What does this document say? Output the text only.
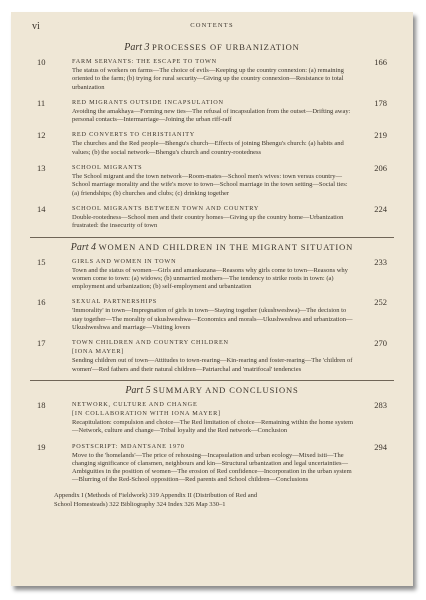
vi	CONTENTS
Part 3 PROCESSES OF URBANIZATION
10	166
FARM SERVANTS: THE ESCAPE TO TOWN
The status of workers on farms—The choice of evils—Keeping up the country connexion: (a) remaining oriented to the farm; (b) trying for rural security—Giving up the country connexion—Resistance to total urbanization
11	178
RED MIGRANTS OUTSIDE INCAPSULATION
Avoiding the amakhaya—Forming new ties—The refusal of incapsulation from the outset—Drifting away: personal contacts—Intermarriage—Joining the urban riff-raff
12	219
RED CONVERTS TO CHRISTIANITY
The churches and the Red people—Bhengu's church—Effects of joining Bhengu's church: (a) habits and values; (b) the social network—Bhengu's church and country-rootedness
13	206
SCHOOL MIGRANTS
The School migrant and the town network—Room-mates—School men's wives: town versus country—School marriage morality and the wife's move to town—School marriage in the town setting—Social ties: (a) friendships; (b) churches and clubs; (c) drinking together
14	224
SCHOOL MIGRANTS BETWEEN TOWN AND COUNTRY
Double-rootedness—School men and their country homes—Giving up the country home—Urbanization frustrated: the insecurity of town
Part 4 WOMEN AND CHILDREN IN THE MIGRANT SITUATION
15	233
GIRLS AND WOMEN IN TOWN
Town and the status of women—Girls and amankazana—Reasons why girls come to town—Reasons why women come to town: (a) widows; (b) unmarried mothers—The tendency to strike roots in town: (a) employment and urbanization; (b) self-employment and urbanization
16	252
SEXUAL PARTNERSHIPS
'Immorality' in town—Impregnation of girls in town—Staying together (ukushweshwa)—The decision to stay together—The morality of ukushweshwa—Economics and morals—Ukushweshwa and urbanization—Ukushweshwa and marriage—Visiting lovers
17	270
TOWN CHILDREN AND COUNTRY CHILDREN
[IONA MAYER]
Sending children out of town—Attitudes to town-rearing—Kin-rearing and foster-rearing—The 'children of women'—Red fathers and their natural children—Patriarchal and 'matrifocal' tendencies
Part 5 SUMMARY AND CONCLUSIONS
18	283
NETWORK, CULTURE AND CHANGE
[IN COLLABORATION WITH IONA MAYER]
Recapitulation: compulsion and choice—The Red limitation of choice—Remaining within the home system—Network, culture and change—Tribal loyalty and the Red network—Conclusion
19	294
POSTSCRIPT: MDANTSANE 1970
Move to the 'homelands'—The price of rehousing—Incapsulation and urban ecology—Mixed isiti—The changing significance of clansmen, neighbours and kin—Structural urbanization and legal uncertainties—Ambiguities in the position of women—The erosion of Red confidence—Incorporation in the urban system—Blurring of the Red-School opposition—Red parents and School children—Conclusions
Appendix I (Methods of Fieldwork) 319 Appendix II (Distribution of Red and
School Homesteads) 322 Bibliography 324 Index 326 Map 330–1
